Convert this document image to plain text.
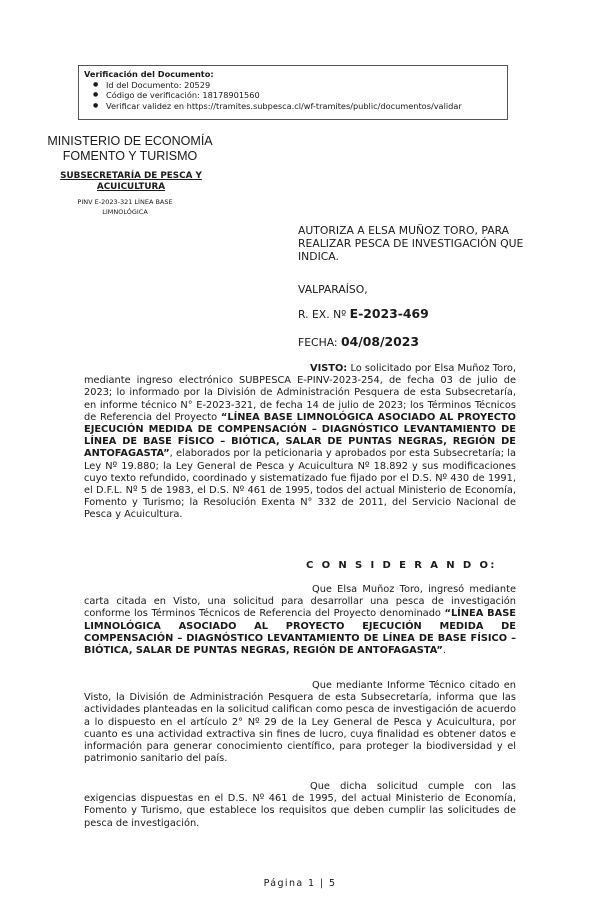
Verificación del Documento:
● Id del Documento: 20529
● Código de verificación: 18178901560
● Verificar validez en https://tramites.subpesca.cl/wf-tramites/public/documentos/validar
MINISTERIO DE ECONOMÍA
FOMENTO Y TURISMO
SUBSECRETARÍA DE PESCA Y
ACUICULTURA
PINV E-2023-321 LÍNEA BASE
LIMNOLÓGICA
AUTORIZA A ELSA MUÑOZ TORO, PARA REALIZAR PESCA DE INVESTIGACIÓN QUE INDICA.
VALPARAÍSO,
R. EX. Nº E-2023-469
FECHA: 04/08/2023
VISTO: Lo solicitado por Elsa Muñoz Toro, mediante ingreso electrónico SUBPESCA E-PINV-2023-254, de fecha 03 de julio de 2023; lo informado por la División de Administración Pesquera de esta Subsecretaría, en informe técnico N° E-2023-321, de fecha 14 de julio de 2023; los Términos Técnicos de Referencia del Proyecto “LÍNEA BASE LIMNOLÓGICA ASOCIADO AL PROYECTO EJECUCIÓN MEDIDA DE COMPENSACIÓN – DIAGNÓSTICO LEVANTAMIENTO DE LÍNEA DE BASE FÍSICO – BIÓTICA, SALAR DE PUNTAS NEGRAS, REGIÓN DE ANTOFAGASTA”, elaborados por la peticionaria y aprobados por esta Subsecretaría; la Ley Nº 19.880; la Ley General de Pesca y Acuicultura Nº 18.892 y sus modificaciones cuyo texto refundido, coordinado y sistematizado fue fijado por el D.S. Nº 430 de 1991, el D.F.L. Nº 5 de 1983, el D.S. Nº 461 de 1995, todos del actual Ministerio de Economía, Fomento y Turismo; la Resolución Exenta N° 332 de 2011, del Servicio Nacional de Pesca y Acuicultura.
C O N S I D E R A N D O:
Que Elsa Muñoz Toro, ingresó mediante carta citada en Visto, una solicitud para desarrollar una pesca de investigación conforme los Términos Técnicos de Referencia del Proyecto denominado “LÍNEA BASE LIMNOLÓGICA ASOCIADO AL PROYECTO EJECUCIÓN MEDIDA DE COMPENSACIÓN – DIAGNÓSTICO LEVANTAMIENTO DE LÍNEA DE BASE FÍSICO – BIÓTICA, SALAR DE PUNTAS NEGRAS, REGIÓN DE ANTOFAGASTA”.
Que mediante Informe Técnico citado en Visto, la División de Administración Pesquera de esta Subsecretaría, informa que las actividades planteadas en la solicitud califican como pesca de investigación de acuerdo a lo dispuesto en el artículo 2° Nº 29 de la Ley General de Pesca y Acuicultura, por cuanto es una actividad extractiva sin fines de lucro, cuya finalidad es obtener datos e información para generar conocimiento científico, para proteger la biodiversidad y el patrimonio sanitario del país.
Que dicha solicitud cumple con las exigencias dispuestas en el D.S. Nº 461 de 1995, del actual Ministerio de Economía, Fomento y Turismo, que establece los requisitos que deben cumplir las solicitudes de pesca de investigación.
Página 1 | 5
